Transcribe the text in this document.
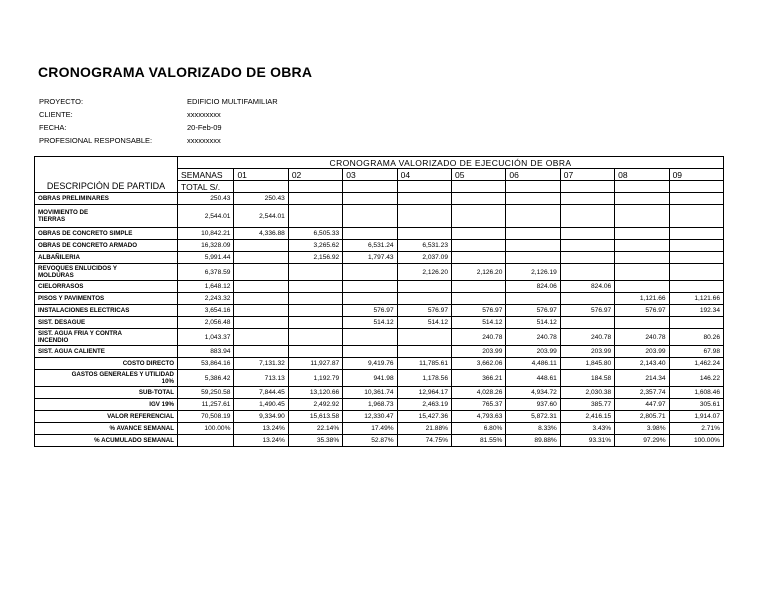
CRONOGRAMA VALORIZADO DE OBRA
PROYECTO:	EDIFICIO MULTIFAMILIAR
CLIENTE:	xxxxxxxxx
FECHA:	20-Feb-09
PROFESIONAL RESPONSABLE:	xxxxxxxxx
	CRONOGRAMA VALORIZADO DE EJECUCIÓN DE OBRA									
	SEMANAS	01	02	03	04	05	06	07	08	09
DESCRIPCIÓN DE PARTIDA	TOTAL S/.									
OBRAS PRELIMINARES	250.43	250.43								
MOVIMIENTO DE
TIERRAS	2,544.01	2,544.01								
OBRAS DE CONCRETO SIMPLE	10,842.21	4,336.88	6,505.33							
OBRAS DE CONCRETO ARMADO	16,328.09		3,265.62	6,531.24	6,531.23					
ALBAÑILERIA	5,991.44		2,156.92	1,797.43	2,037.09					
REVOQUES ENLUCIDOS Y
MOLDURAS	6,378.59				2,126.20	2,126.20	2,126.19			
CIELORRASOS	1,648.12						824.06	824.06		
PISOS Y PAVIMENTOS	2,243.32								1,121.66	1,121.66
INSTALACIONES ELECTRICAS	3,654.16			576.97	576.97	576.97	576.97	576.97	576.97	192.34
SIST. DESAGUE	2,056.48			514.12	514.12	514.12	514.12			
SIST. AGUA FRIA Y CONTRA
INCENDIO	1,043.37					240.78	240.78	240.78	240.78	80.26
SIST. AGUA CALIENTE	883.94					203.99	203.99	203.99	203.99	67.98
COSTO DIRECTO	53,864.16	7,131.32	11,927.87	9,419.76	11,785.61	3,662.06	4,486.11	1,845.80	2,143.40	1,462.24
GASTOS GENERALES Y UTILIDAD
10%	5,386.42	713.13	1,192.79	941.98	1,178.56	366.21	448.61	184.58	214.34	146.22
SUB-TOTAL	59,250.58	7,844.45	13,120.66	10,361.74	12,964.17	4,028.26	4,934.72	2,030.38	2,357.74	1,608.46
IGV 19%	11,257.61	1,490.45	2,492.92	1,968.73	2,463.19	765.37	937.60	385.77	447.97	305.61
VALOR REFERENCIAL	70,508.19	9,334.90	15,613.58	12,330.47	15,427.36	4,793.63	5,872.31	2,416.15	2,805.71	1,914.07
% AVANCE SEMANAL	100.00%	13.24%	22.14%	17.49%	21.88%	6.80%	8.33%	3.43%	3.98%	2.71%
% ACUMULADO SEMANAL		13.24%	35.38%	52.87%	74.75%	81.55%	89.88%	93.31%	97.29%	100.00%
